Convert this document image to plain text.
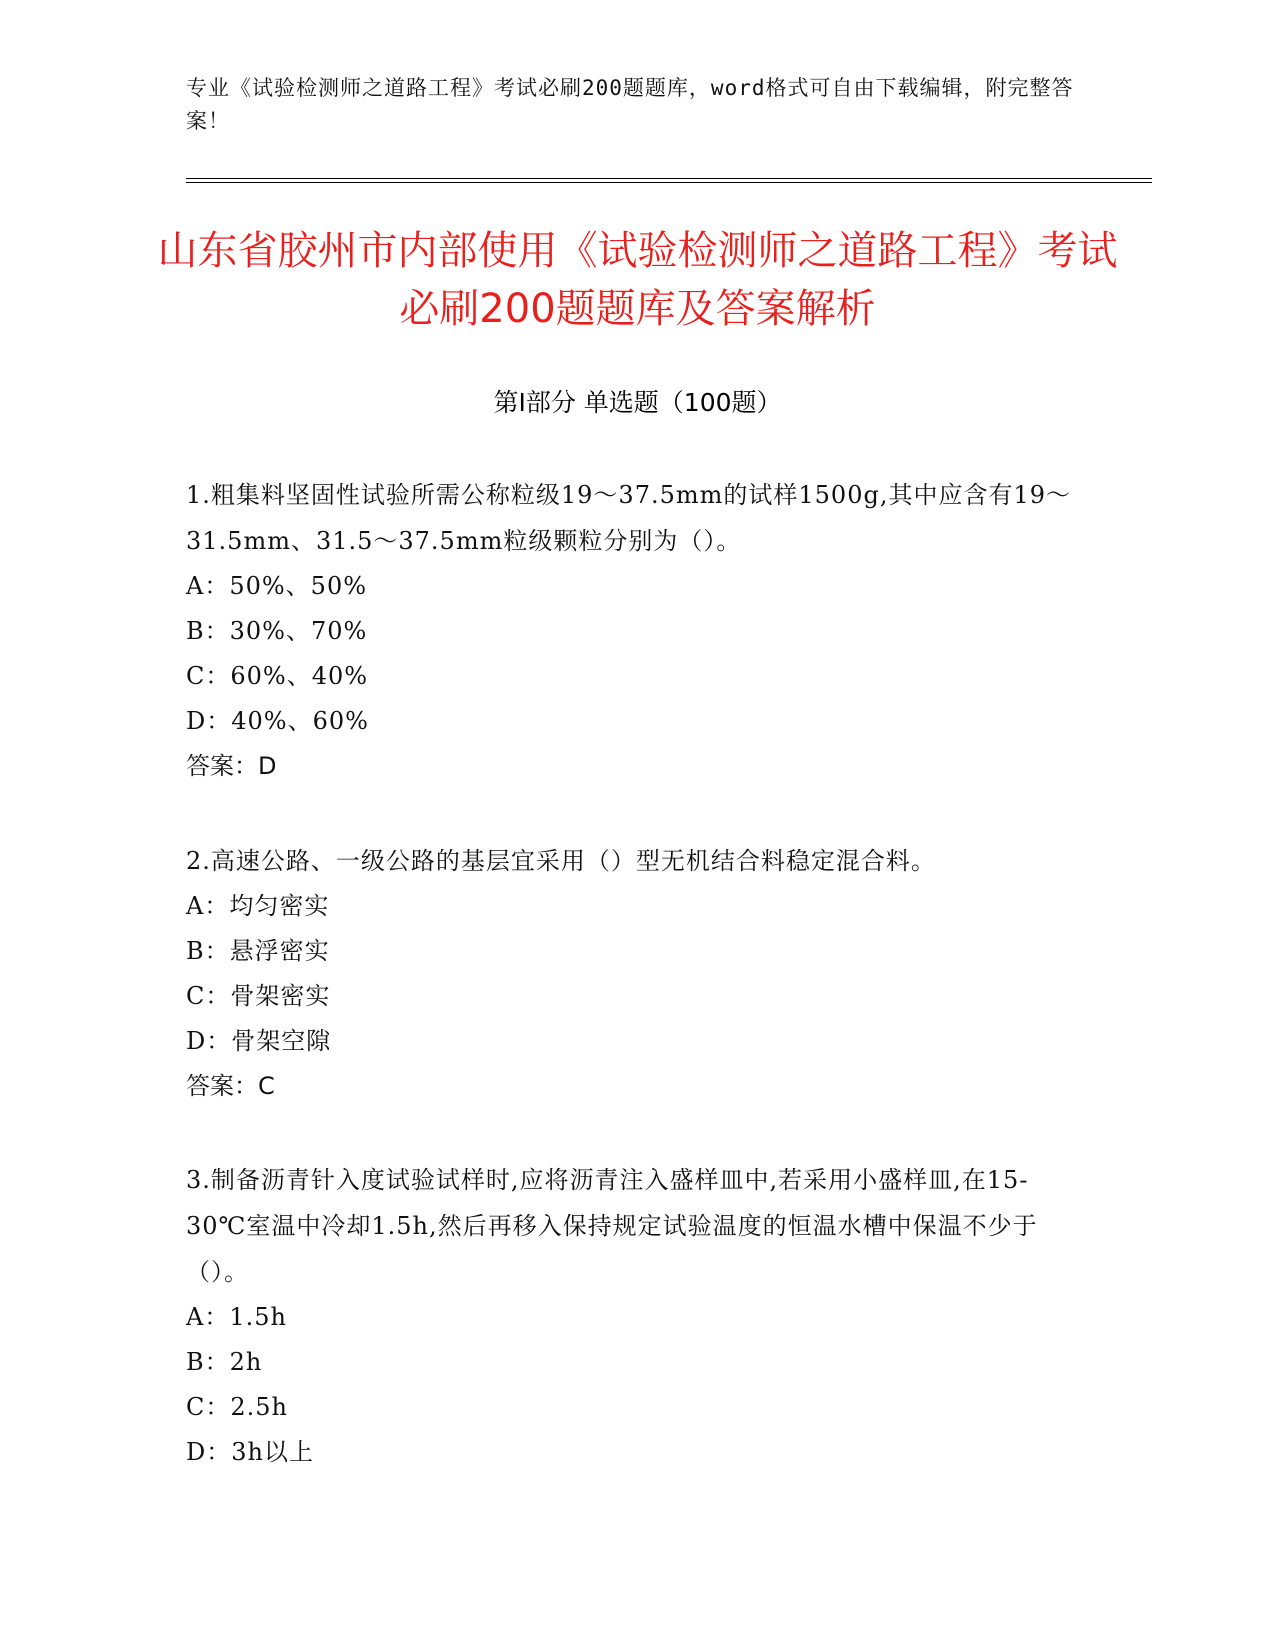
专业《试验检测师之道路工程》考试必刷200题题库，word格式可自由下载编辑，附完整答案！
山东省胶州市内部使用《试验检测师之道路工程》考试必刷200题题库及答案解析
第Ⅰ部分 单选题（100题）
1.粗集料坚固性试验所需公称粒级19～37.5mm的试样1500g,其中应含有19～31.5mm、31.5～37.5mm粒级颗粒分别为（）。
A：50%、50%
B：30%、70%
C：60%、40%
D：40%、60%
答案：D
2.高速公路、一级公路的基层宜采用（）型无机结合料稳定混合料。
A：均匀密实
B：悬浮密实
C：骨架密实
D：骨架空隙
答案：C
3.制备沥青针入度试验试样时,应将沥青注入盛样皿中,若采用小盛样皿,在15-30℃室温中冷却1.5h,然后再移入保持规定试验温度的恒温水槽中保温不少于（）。
A：1.5h
B：2h
C：2.5h
D：3h以上
